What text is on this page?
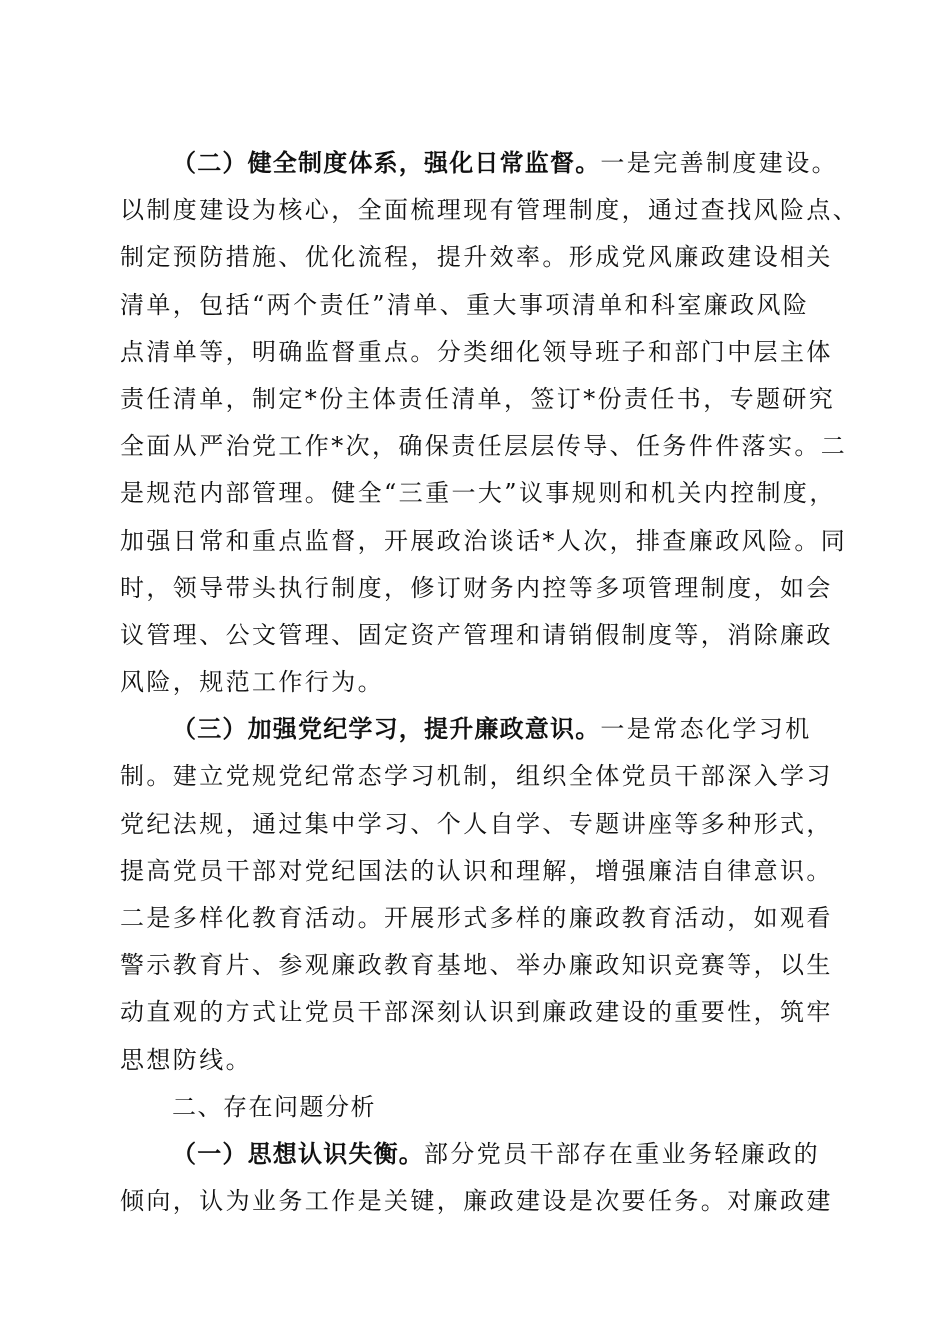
（二）健全制度体系，强化日常监督。一是完善制度建设。
以制度建设为核心，全面梳理现有管理制度，通过查找风险点、
制定预防措施、优化流程，提升效率。形成党风廉政建设相关
清单，包括“两个责任”清单、重大事项清单和科室廉政风险
点清单等，明确监督重点。分类细化领导班子和部门中层主体
责任清单，制定*份主体责任清单，签订*份责任书，专题研究
全面从严治党工作*次，确保责任层层传导、任务件件落实。二
是规范内部管理。健全“三重一大”议事规则和机关内控制度，
加强日常和重点监督，开展政治谈话*人次，排查廉政风险。同
时，领导带头执行制度，修订财务内控等多项管理制度，如会
议管理、公文管理、固定资产管理和请销假制度等，消除廉政
风险，规范工作行为。
（三）加强党纪学习，提升廉政意识。一是常态化学习机
制。建立党规党纪常态学习机制，组织全体党员干部深入学习
党纪法规，通过集中学习、个人自学、专题讲座等多种形式，
提高党员干部对党纪国法的认识和理解，增强廉洁自律意识。
二是多样化教育活动。开展形式多样的廉政教育活动，如观看
警示教育片、参观廉政教育基地、举办廉政知识竞赛等，以生
动直观的方式让党员干部深刻认识到廉政建设的重要性，筑牢
思想防线。
二、存在问题分析
（一）思想认识失衡。部分党员干部存在重业务轻廉政的
倾向，认为业务工作是关键，廉政建设是次要任务。对廉政建
